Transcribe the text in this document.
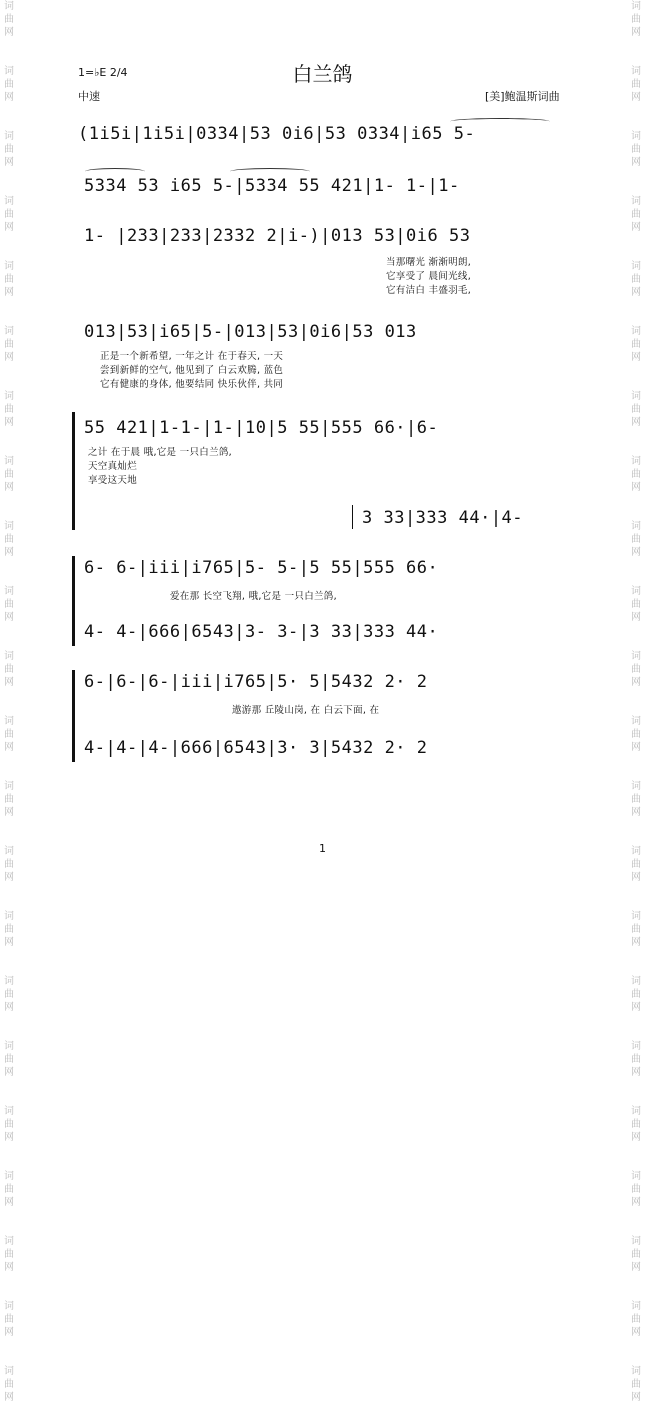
词
曲
网

词
曲
网

词
曲
网

词
曲
网

词
曲
网

词
曲
网

词
曲
网

词
曲
网

词
曲
网

词
曲
网

词
曲
网

词
曲
网

词
曲
网

词
曲
网

词
曲
网

词
曲
网

词
曲
网

词
曲
网

词
曲
网

词
曲
网

词
曲
网

词
曲
网

词
曲
网

词
曲
网

词
曲
网

词
曲
网

词
曲
网

词
曲
网

词
曲
网

词
曲
网

词
曲
网

词
曲
网

词
曲
网

词
曲
网

词
曲
网

词
曲
网

词
曲
网

词
曲
网

词
曲
网

词
曲
网

词
曲
网

词
曲
网

词
曲
网

词
曲
网

白兰鸽
1=♭E 2/4
中速	[美]鲍温斯词曲
(1i5i|1i5i|0334|53 0i6|53 0334|i65 5-
5334 53 i65 5-|5334 55 421|1- 1-|1-
1- |233|233|2332 2|i-)|013 53|0i6 53
当那曙光 渐渐明朗,
它享受了 晨间光线,
它有洁白 丰盛羽毛,
013|53|i65|5-|013|53|0i6|53 013
正是一个新希望, 一年之计 在于春天, 一天
尝到新鲜的空气, 他见到了 白云欢腾, 蓝色
它有健康的身体, 他要结同 快乐伙伴, 共同
55 421|1-1-|1-|10|5 55|555 66·|6-
之计 在于晨 哦,它是 一只白兰鸽,
天空真灿烂
享受这天地
3 33|333 44·|4-
6- 6-|iii|i765|5- 5-|5 55|555 66·
爱在那 长空飞翔, 哦,它是 一只白兰鸽,
4- 4-|666|6543|3- 3-|3 33|333 44·
6-|6-|6-|iii|i765|5· 5|5432 2· 2
遨游那 丘陵山岗, 在 白云下面, 在
4-|4-|4-|666|6543|3· 3|5432 2· 2
1
